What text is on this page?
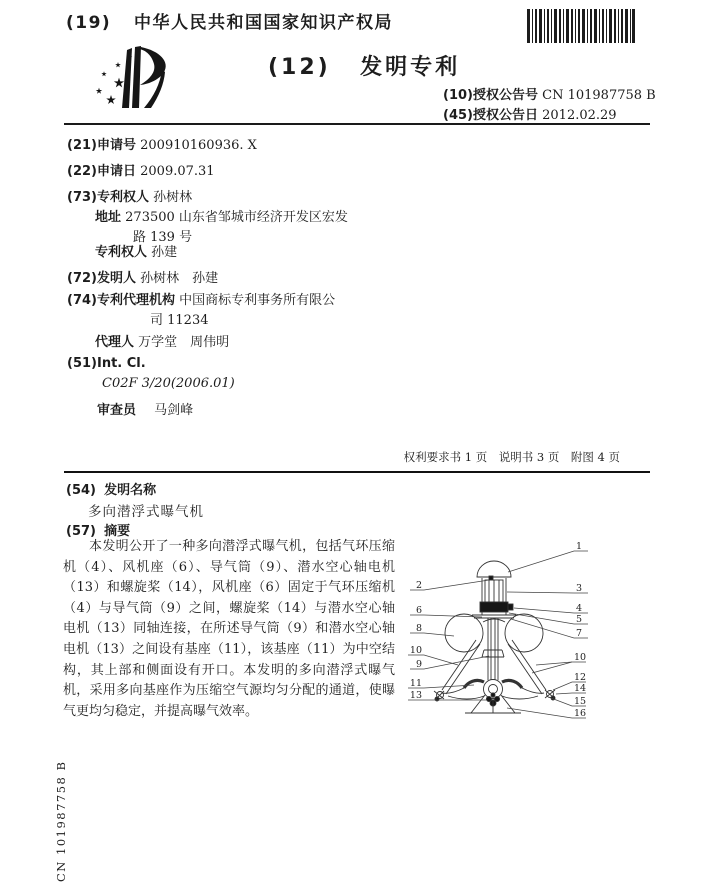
(19) 中华人民共和国国家知识产权局
(12) 发明专利
(10)授权公告号 CN 101987758 B
(45)授权公告日 2012.02.29
(21)申请号 200910160936. X
(22)申请日 2009.07.31
(73)专利权人 孙树林
地址 273500 山东省邹城市经济开发区宏发
路 139 号
专利权人 孙建
(72)发明人 孙树林　孙建
(74)专利代理机构 中国商标专利事务所有限公
司 11234
代理人 万学堂　周伟明
(51)Int. Cl.
C02F 3/20(2006.01)
审查员 马剑峰
权利要求书 1 页　说明书 3 页　附图 4 页
(54) 发明名称
多向潜浮式曝气机
(57) 摘要
本发明公开了一种多向潜浮式曝气机，包括气环压缩机（4）、风机座（6）、导气筒（9）、潜水空心轴电机（13）和螺旋桨（14），风机座（6）固定于气环压缩机（4）与导气筒（9）之间，螺旋桨（14）与潜水空心轴电机（13）同轴连接，在所述导气筒（9）和潜水空心轴电机（13）之间设有基座（11），该基座（11）为中空结构，其上部和侧面设有开口。本发明的多向潜浮式曝气机，采用多向基座作为压缩空气源均匀分配的通道，使曝气更均匀稳定，并提高曝气效率。
2
6
8
10
9
11
13
1
3
4
5
7
10
12
14
15
16
CN 101987758 B
